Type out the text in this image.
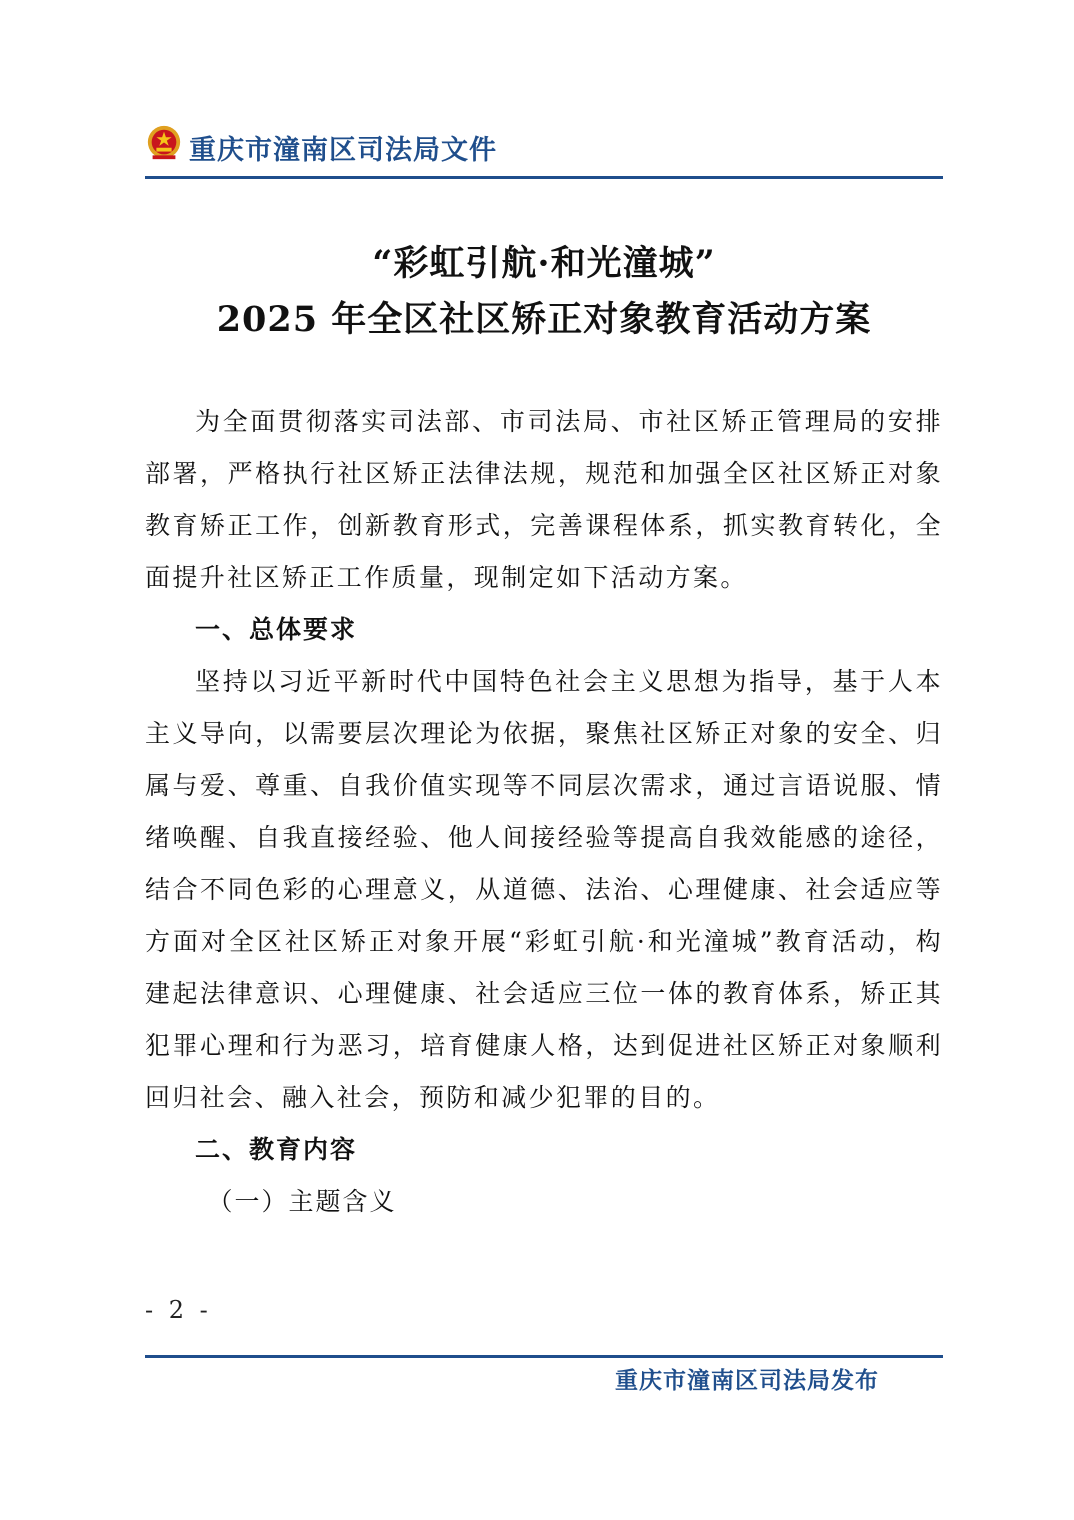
重庆市潼南区司法局文件
“彩虹引航·和光潼城”
2025 年全区社区矫正对象教育活动方案

为全面贯彻落实司法部、市司法局、市社区矫正管理局的安排部署，严格执行社区矫正法律法规，规范和加强全区社区矫正对象教育矫正工作，创新教育形式，完善课程体系，抓实教育转化，全面提升社区矫正工作质量，现制定如下活动方案。

一、总体要求

坚持以习近平新时代中国特色社会主义思想为指导，基于人本主义导向，以需要层次理论为依据，聚焦社区矫正对象的安全、归属与爱、尊重、自我价值实现等不同层次需求，通过言语说服、情绪唤醒、自我直接经验、他人间接经验等提高自我效能感的途径，结合不同色彩的心理意义，从道德、法治、心理健康、社会适应等方面对全区社区矫正对象开展“彩虹引航·和光潼城”教育活动，构建起法律意识、心理健康、社会适应三位一体的教育体系，矫正其犯罪心理和行为恶习，培育健康人格，达到促进社区矫正对象顺利回归社会、融入社会，预防和减少犯罪的目的。

二、教育内容

（一）主题含义

- 2 -
重庆市潼南区司法局发布
